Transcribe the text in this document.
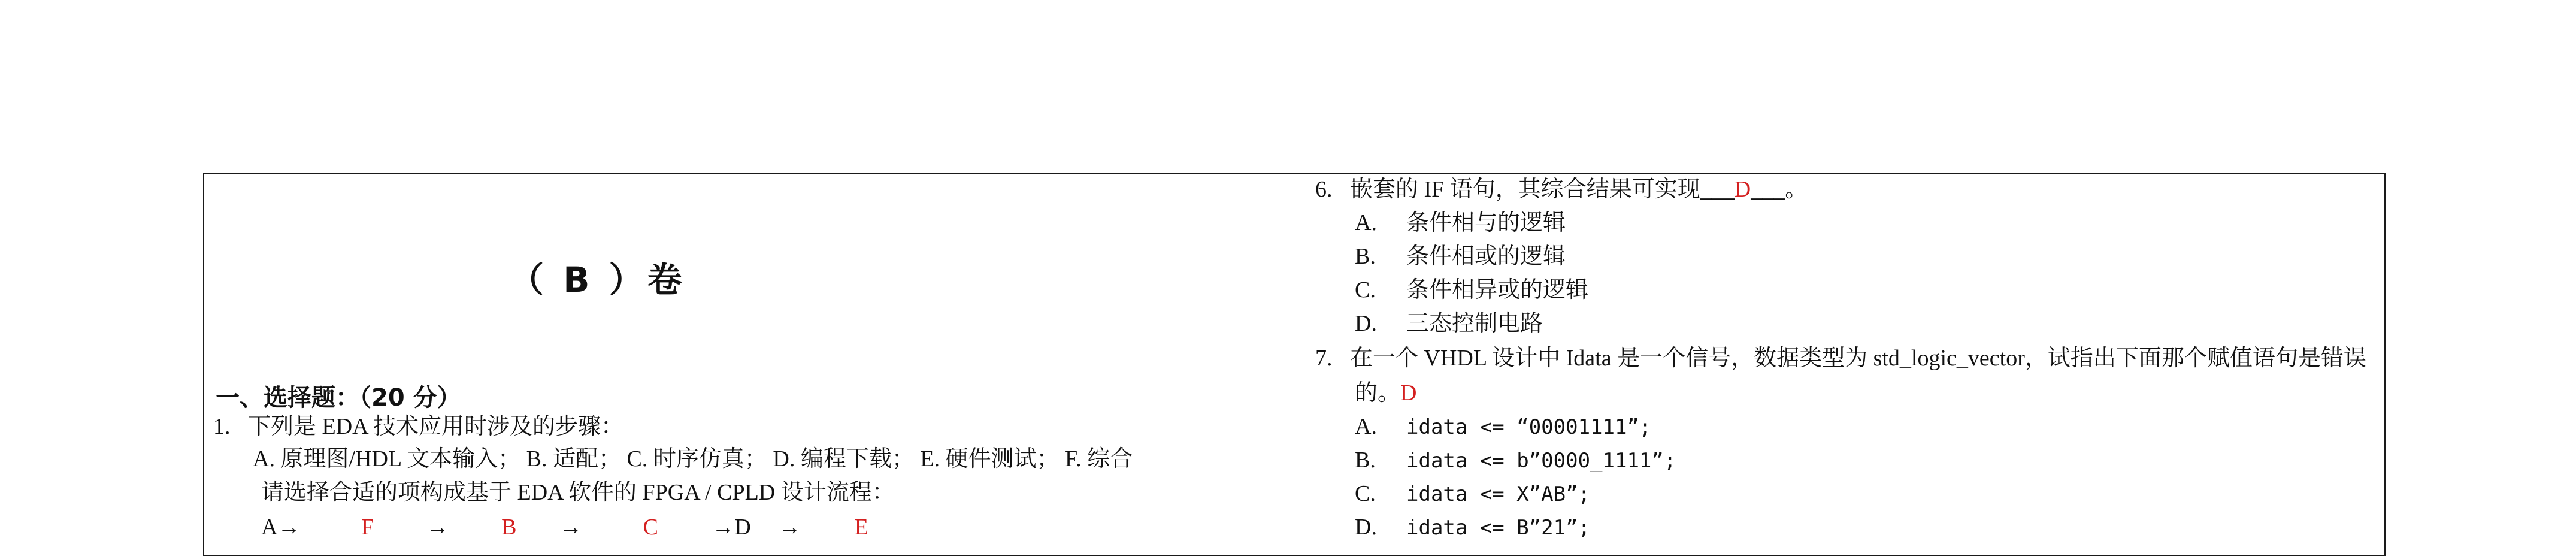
（ B ）卷
一、选择题：（20 分）
1. 下列是 EDA 技术应用时涉及的步骤：
A. 原理图/HDL 文本输入； B. 适配； C. 时序仿真； D. 编程下载； E. 硬件测试； F. 综合
请选择合适的项构成基于 EDA 软件的 FPGA / CPLD 设计流程：
A→	F → B →	C →D → E
6. 嵌套的 IF 语句，其综合结果可实现___D___。
A. 条件相与的逻辑
B. 条件相或的逻辑
C. 条件相异或的逻辑
D. 三态控制电路
7. 在一个 VHDL 设计中 Idata 是一个信号，数据类型为 std_logic_vector，试指出下面那个赋值语句是错误
的。D
A. idata <= “00001111”;
B. idata <= b”0000_1111”;
C. idata <= X”AB”;
D. idata <= B”21”;
